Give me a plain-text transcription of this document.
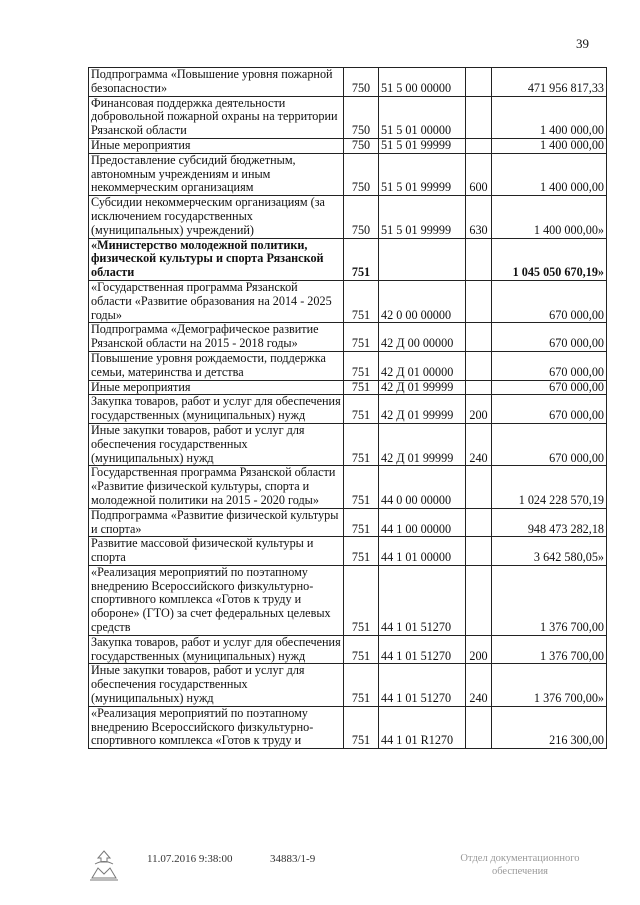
39
Подпрограмма «Повышение уровня пожарной безопасности»	750	51 5 00 00000		471 956 817,33
Финансовая поддержка деятельности добровольной пожарной охраны на территории Рязанской области	750	51 5 01 00000		1 400 000,00
Иные мероприятия	750	51 5 01 99999		1 400 000,00
Предоставление субсидий бюджетным, автономным учреждениям и иным некоммерческим организациям	750	51 5 01 99999	600	1 400 000,00
Субсидии некоммерческим организациям (за исключением государственных (муниципальных) учреждений)	750	51 5 01 99999	630	1 400 000,00»
«Министерство молодежной политики, физической культуры и спорта Рязанской области	751			1 045 050 670,19»
«Государственная программа Рязанской области «Развитие образования на 2014 - 2025 годы»	751	42 0 00 00000		670 000,00
Подпрограмма «Демографическое развитие Рязанской области на 2015 - 2018 годы»	751	42 Д 00 00000		670 000,00
Повышение уровня рождаемости, поддержка семьи, материнства и детства	751	42 Д 01 00000		670 000,00
Иные мероприятия	751	42 Д 01 99999		670 000,00
Закупка товаров, работ и услуг для обеспечения государственных (муниципальных) нужд	751	42 Д 01 99999	200	670 000,00
Иные закупки товаров, работ и услуг для обеспечения государственных (муниципальных) нужд	751	42 Д 01 99999	240	670 000,00
Государственная программа Рязанской области «Развитие физической культуры, спорта и молодежной политики на 2015 - 2020 годы»	751	44 0 00 00000		1 024 228 570,19
Подпрограмма «Развитие физической культуры и спорта»	751	44 1 00 00000		948 473 282,18
Развитие массовой физической культуры и спорта	751	44 1 01 00000		3 642 580,05»
«Реализация мероприятий по поэтапному внедрению Всероссийского физкультурно-спортивного комплекса «Готов к труду и обороне» (ГТО) за счет федеральных целевых средств	751	44 1 01 51270		1 376 700,00
Закупка товаров, работ и услуг для обеспечения государственных (муниципальных) нужд	751	44 1 01 51270	200	1 376 700,00
Иные закупки товаров, работ и услуг для обеспечения государственных (муниципальных) нужд	751	44 1 01 51270	240	1 376 700,00»
«Реализация мероприятий по поэтапному внедрению Всероссийского физкультурно-спортивного комплекса «Готов к труду и	751	44 1 01 R1270		216 300,00
11.07.2016 9:38:00	34883/1-9	Отдел документационного
обеспечения
